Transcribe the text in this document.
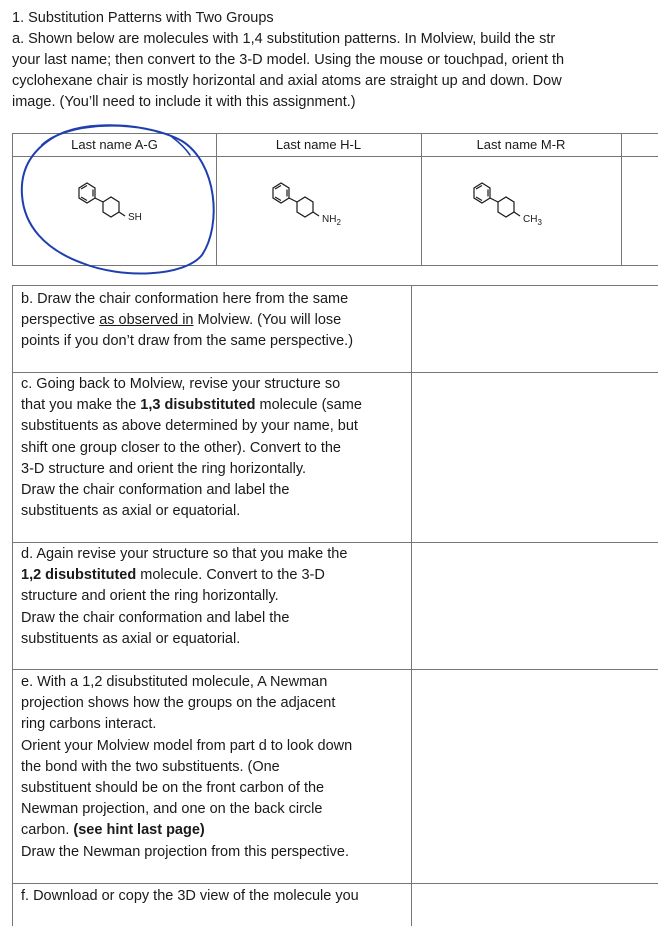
1. Substitution Patterns with Two Groups
a. Shown below are molecules with 1,4 substitution patterns. In Molview, build the str
your last name; then convert to the 3-D model. Using the mouse or touchpad, orient th
cyclohexane chair is mostly horizontal and axial atoms are straight up and down. Dow
image. (You’ll need to include it with this assignment.)
Last name A-G	Last name H-L	Last name M-R
SH	$NH_2$	$CH_3$
b. Draw the chair conformation here from the same
perspective as observed in Molview. (You will lose
points if you don’t draw from the same perspective.)
c. Going back to Molview, revise your structure so
that you make the 1,3 disubstituted molecule (same
substituents as above determined by your name, but
shift one group closer to the other). Convert to the
3-D structure and orient the ring horizontally.
Draw the chair conformation and label the
substituents as axial or equatorial.
d. Again revise your structure so that you make the
1,2 disubstituted molecule. Convert to the 3-D
structure and orient the ring horizontally.
Draw the chair conformation and label the
substituents as axial or equatorial.
e. With a 1,2 disubstituted molecule, A Newman
projection shows how the groups on the adjacent
ring carbons interact.
Orient your Molview model from part d to look down
the bond with the two substituents. (One
substituent should be on the front carbon of the
Newman projection, and one on the back circle
carbon. (see hint last page)
Draw the Newman projection from this perspective.
f. Download or copy the 3D view of the molecule you
